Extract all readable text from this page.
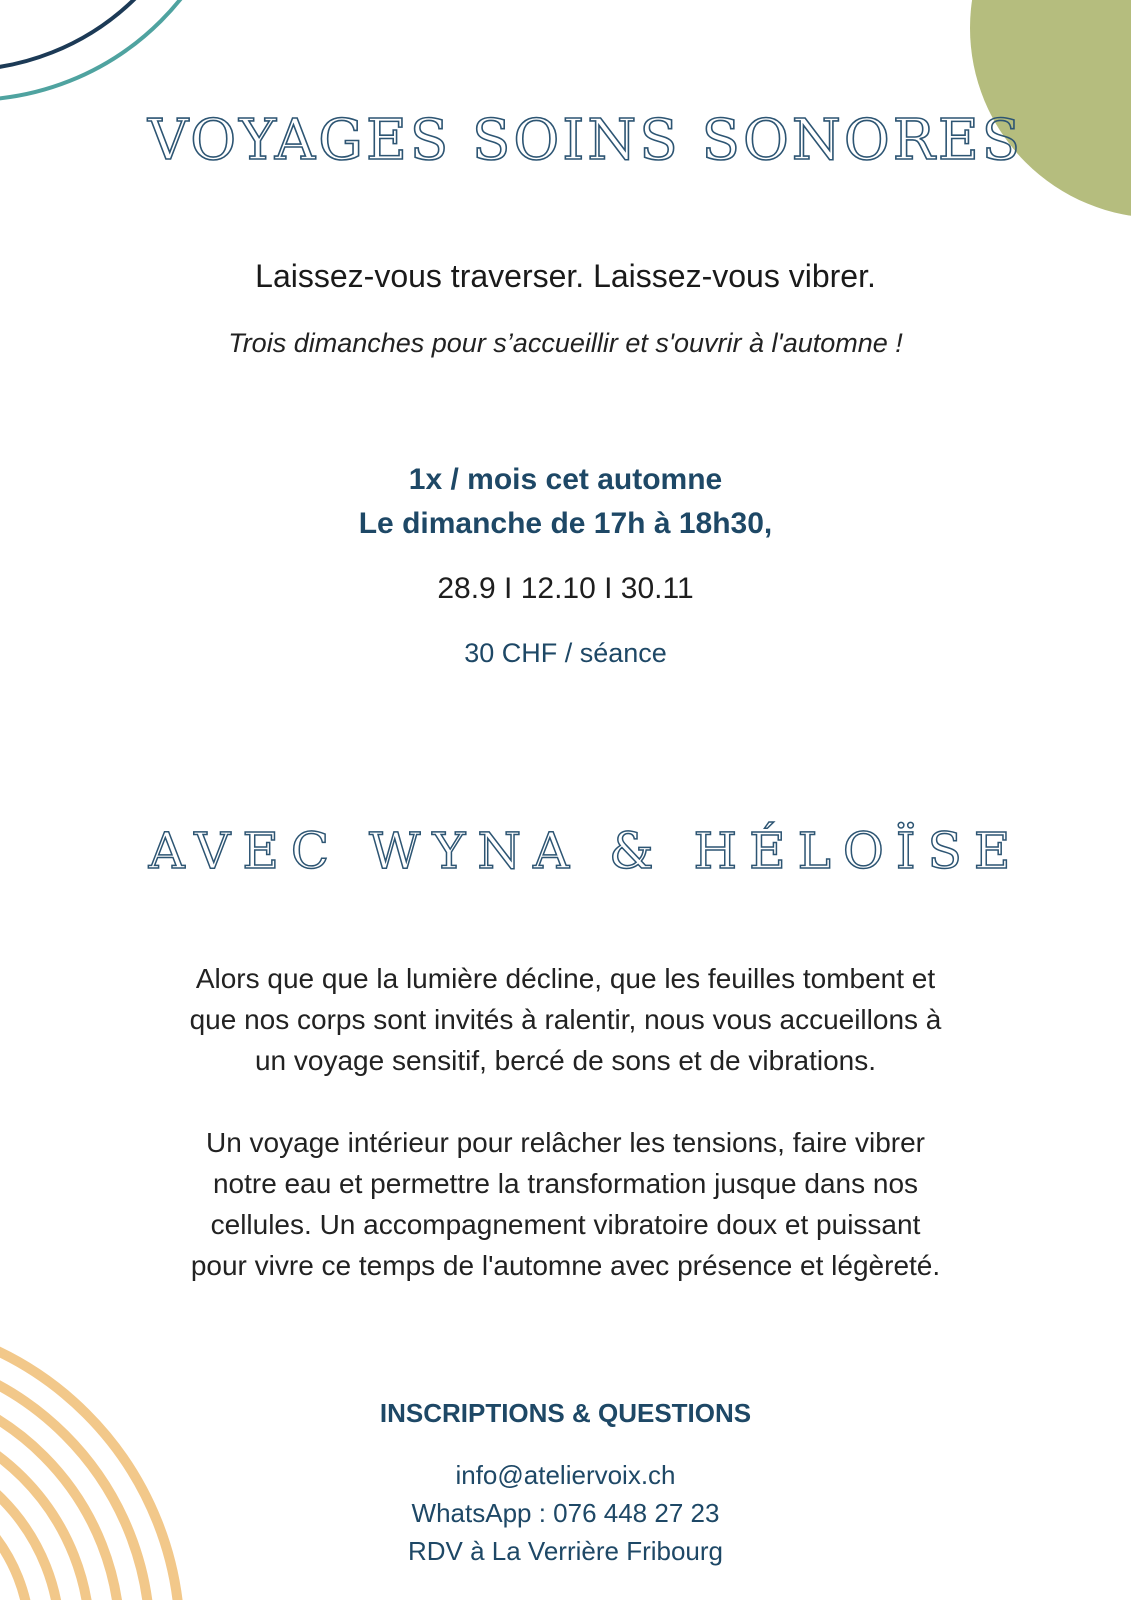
VOYAGES SOINS SONORES
Laissez-vous traverser. Laissez-vous vibrer.
Trois dimanches pour s’accueillir et s'ouvrir à l'automne !
1x / mois cet automne
Le dimanche de 17h à 18h30,
28.9 I 12.10 I 30.11
30 CHF / séance
AVEC WYNA & HÉLOÏSE

Alors que que la lumière décline, que les feuilles tombent et

que nos corps sont invités à ralentir, nous vous accueillons à

un voyage sensitif, bercé de sons et de vibrations.

Un voyage intérieur pour relâcher les tensions, faire vibrer

notre eau et permettre la transformation jusque dans nos

cellules. Un accompagnement vibratoire doux et puissant

pour vivre ce temps de l'automne avec présence et légèreté.

INSCRIPTIONS & QUESTIONS
info@ateliervoix.ch
WhatsApp : 076 448 27 23
RDV à La Verrière Fribourg
